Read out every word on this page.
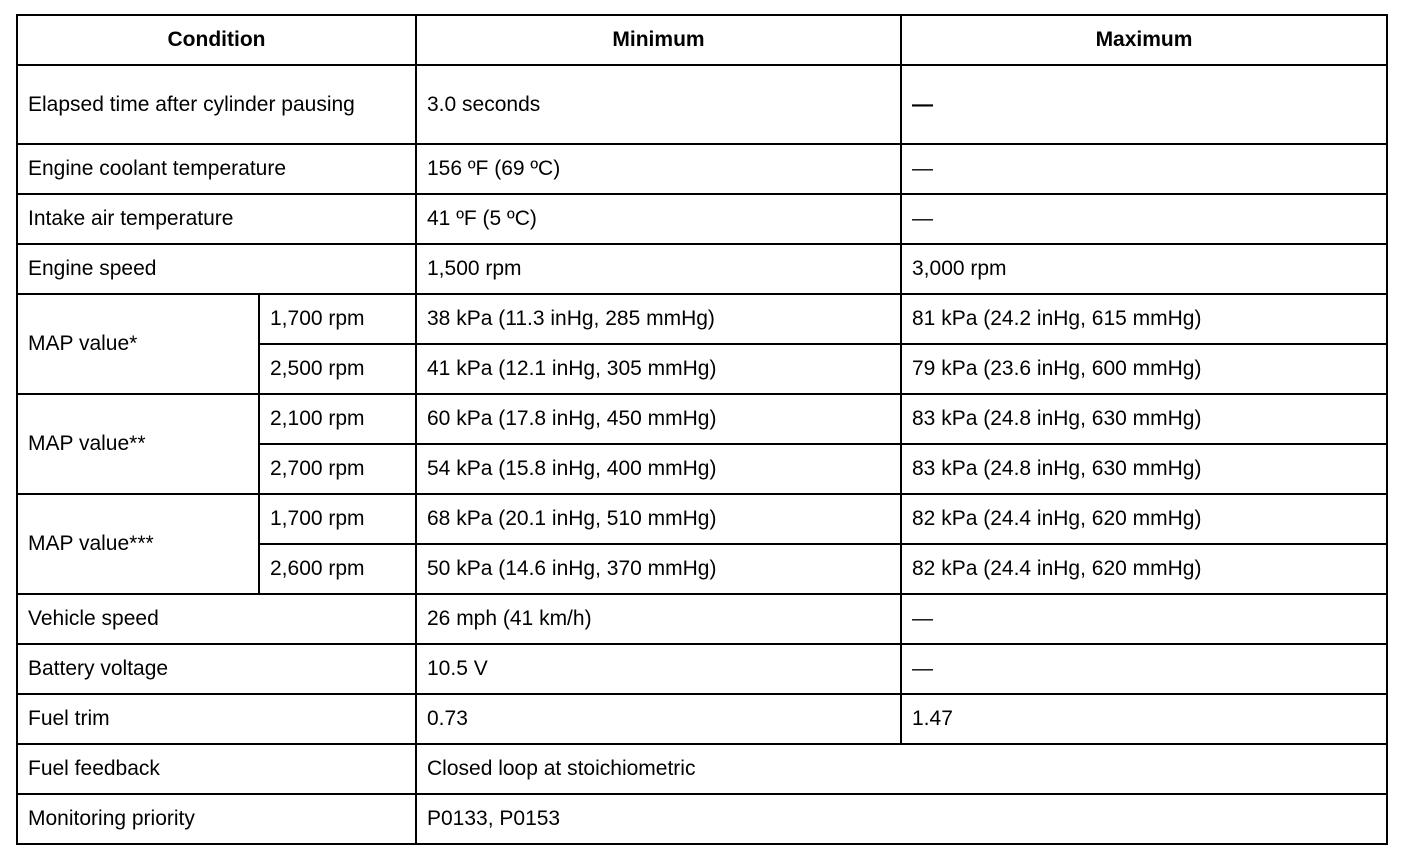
Condition		Minimum	Maximum
Elapsed time after cylinder pausing		3.0 seconds	—
Engine coolant temperature		156 ºF (69 ºC)	—
Intake air temperature		41 ºF (5 ºC)	—
Engine speed		1,500 rpm	3,000 rpm
MAP value*	1,700 rpm	38 kPa (11.3 inHg, 285 mmHg)	81 kPa (24.2 inHg, 615 mmHg)
	2,500 rpm	41 kPa (12.1 inHg, 305 mmHg)	79 kPa (23.6 inHg, 600 mmHg)
MAP value**	2,100 rpm	60 kPa (17.8 inHg, 450 mmHg)	83 kPa (24.8 inHg, 630 mmHg)
	2,700 rpm	54 kPa (15.8 inHg, 400 mmHg)	83 kPa (24.8 inHg, 630 mmHg)
MAP value***	1,700 rpm	68 kPa (20.1 inHg, 510 mmHg)	82 kPa (24.4 inHg, 620 mmHg)
	2,600 rpm	50 kPa (14.6 inHg, 370 mmHg)	82 kPa (24.4 inHg, 620 mmHg)
Vehicle speed		26 mph (41 km/h)	—
Battery voltage		10.5 V	—
Fuel trim		0.73	1.47
Fuel feedback		Closed loop at stoichiometric	
Monitoring priority		P0133, P0153	
